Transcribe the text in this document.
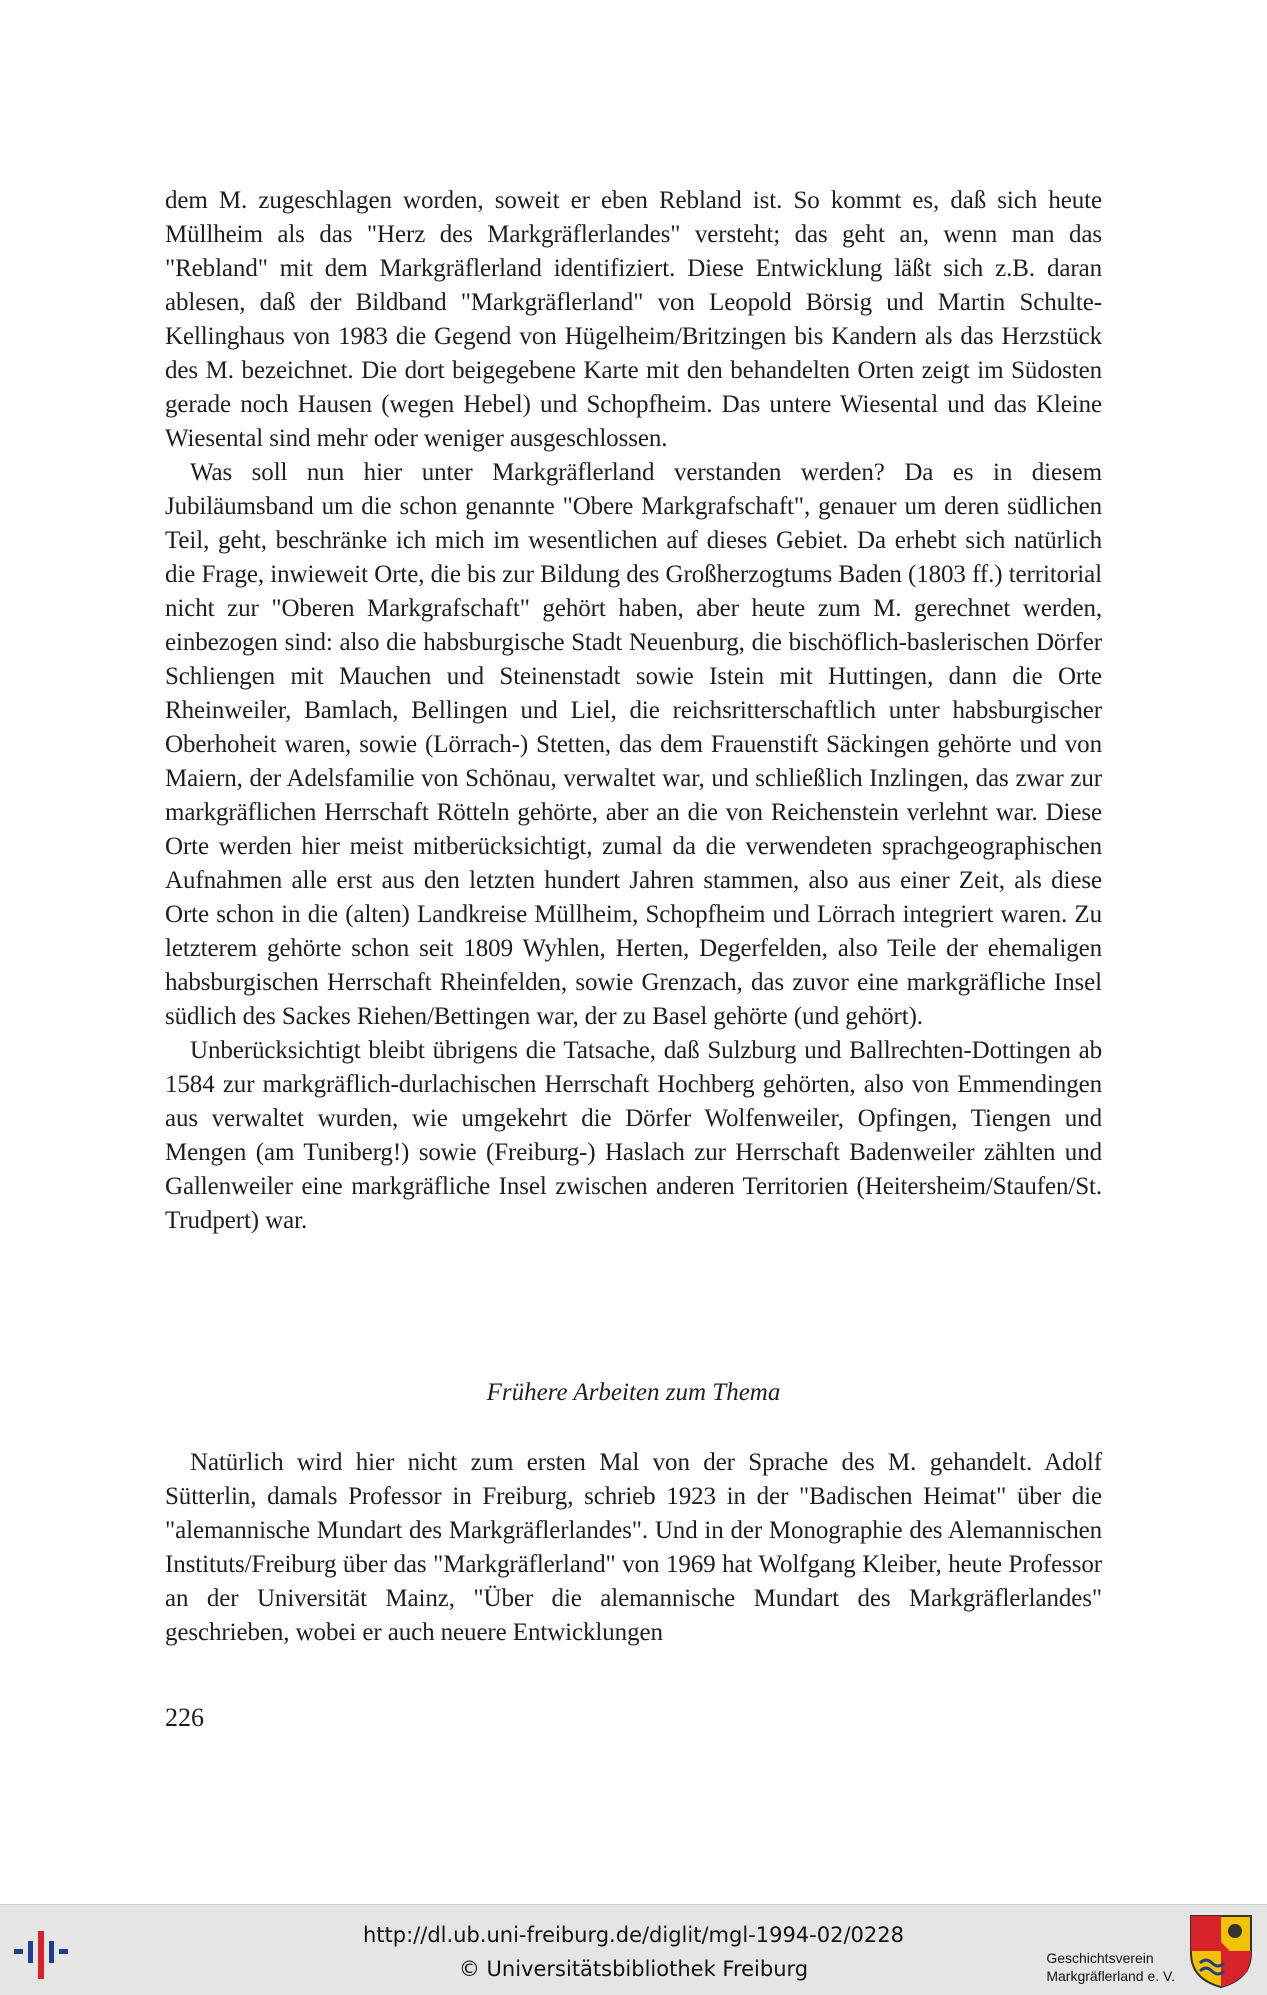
dem M. zugeschlagen worden, soweit er eben Rebland ist. So kommt es, daß sich heute Müllheim als das "Herz des Markgräflerlandes" versteht; das geht an, wenn man das "Rebland" mit dem Markgräflerland identifiziert. Diese Entwicklung läßt sich z.B. daran ablesen, daß der Bildband "Markgräflerland" von Leopold Börsig und Martin Schulte-Kellinghaus von 1983 die Gegend von Hügelheim/Britzingen bis Kandern als das Herzstück des M. bezeichnet. Die dort beigegebene Karte mit den behandelten Orten zeigt im Südosten gerade noch Hausen (wegen Hebel) und Schopfheim. Das untere Wiesental und das Kleine Wiesental sind mehr oder weniger ausgeschlossen.

Was soll nun hier unter Markgräflerland verstanden werden? Da es in diesem Jubiläumsband um die schon genannte "Obere Markgrafschaft", genauer um deren südlichen Teil, geht, beschränke ich mich im wesentlichen auf dieses Gebiet. Da erhebt sich natürlich die Frage, inwieweit Orte, die bis zur Bildung des Großherzogtums Baden (1803 ff.) territorial nicht zur "Oberen Markgrafschaft" gehört haben, aber heute zum M. gerechnet werden, einbezogen sind: also die habsburgische Stadt Neuenburg, die bischöflich-baslerischen Dörfer Schliengen mit Mauchen und Steinenstadt sowie Istein mit Huttingen, dann die Orte Rheinweiler, Bamlach, Bellingen und Liel, die reichsritterschaftlich unter habsburgischer Oberhoheit waren, sowie (Lörrach-) Stetten, das dem Frauenstift Säckingen gehörte und von Maiern, der Adelsfamilie von Schönau, verwaltet war, und schließlich Inzlingen, das zwar zur markgräflichen Herrschaft Rötteln gehörte, aber an die von Reichenstein verlehnt war. Diese Orte werden hier meist mitberücksichtigt, zumal da die verwendeten sprachgeographischen Aufnahmen alle erst aus den letzten hundert Jahren stammen, also aus einer Zeit, als diese Orte schon in die (alten) Landkreise Müllheim, Schopfheim und Lörrach integriert waren. Zu letzterem gehörte schon seit 1809 Wyhlen, Herten, Degerfelden, also Teile der ehemaligen habsburgischen Herrschaft Rheinfelden, sowie Grenzach, das zuvor eine markgräfliche Insel südlich des Sackes Riehen/Bettingen war, der zu Basel gehörte (und gehört).

Unberücksichtigt bleibt übrigens die Tatsache, daß Sulzburg und Ballrechten-Dottingen ab 1584 zur markgräflich-durlachischen Herrschaft Hochberg gehörten, also von Emmendingen aus verwaltet wurden, wie umgekehrt die Dörfer Wolfenweiler, Opfingen, Tiengen und Mengen (am Tuniberg!) sowie (Freiburg-) Haslach zur Herrschaft Badenweiler zählten und Gallenweiler eine markgräfliche Insel zwischen anderen Territorien (Heitersheim/Staufen/St. Trudpert) war.

Frühere Arbeiten zum Thema

Natürlich wird hier nicht zum ersten Mal von der Sprache des M. gehandelt. Adolf Sütterlin, damals Professor in Freiburg, schrieb 1923 in der "Badischen Heimat" über die "alemannische Mundart des Markgräflerlandes". Und in der Monographie des Alemannischen Instituts/Freiburg über das "Markgräflerland" von 1969 hat Wolfgang Kleiber, heute Professor an der Universität Mainz, "Über die alemannische Mundart des Markgräflerlandes" geschrieben, wobei er auch neuere Entwicklungen

226
http://dl.ub.uni-freiburg.de/diglit/mgl-1994-02/0228
© Universitätsbibliothek Freiburg	Geschichtsverein
Markgräflerland e. V.
